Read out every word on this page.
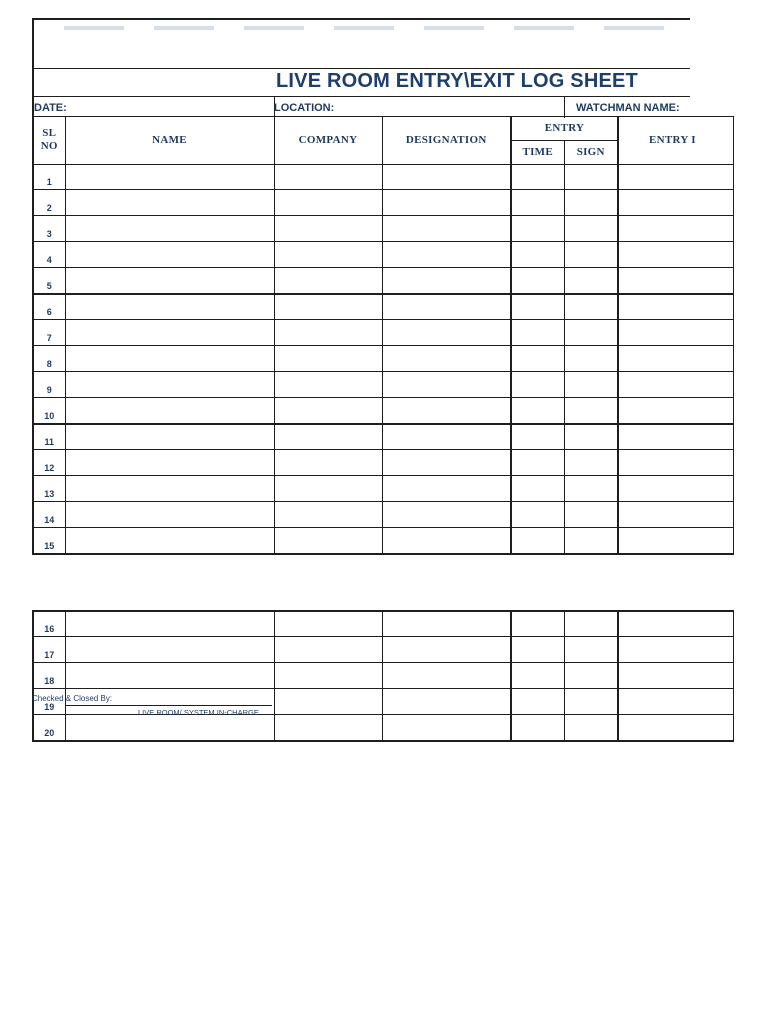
LIVE ROOM ENTRY\EXIT LOG SHEET
DATE:	LOCATION:	WATCHMAN NAME:
SL
NO	NAME	COMPANY	DESIGNATION	ENTRY		ENTRY I
				TIME	SIGN	
1						
2						
3						
4						
5						
6						
7						
8						
9						
10						
11						
12						
13						
14						
15						
16						
17						
18						
19						
20						
Checked & Closed By:
LIVE ROOM/ SYSTEM IN-CHARGE
